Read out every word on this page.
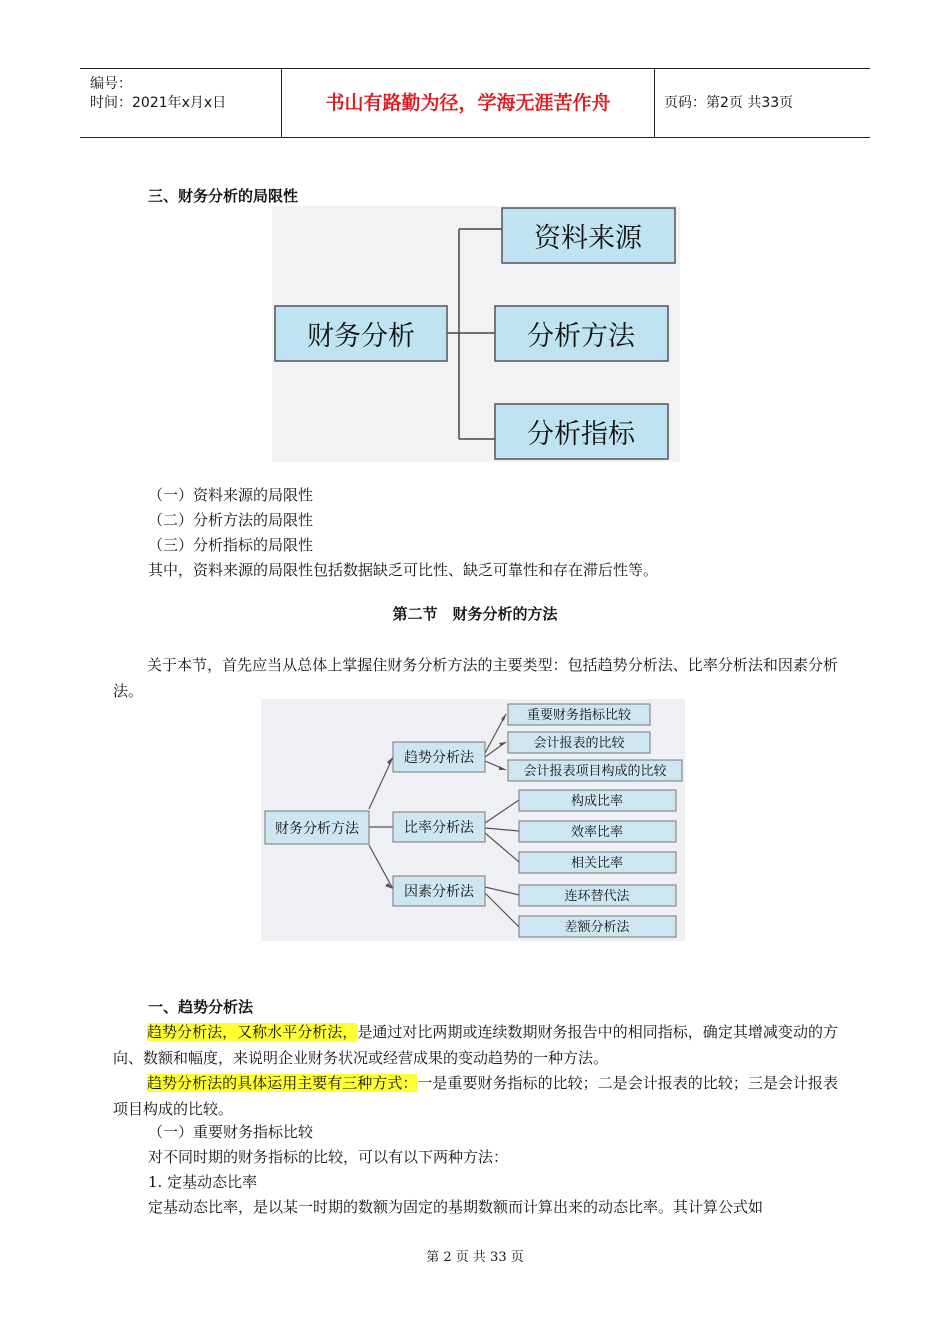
编号：
时间：2021年x月x日	书山有路勤为径，学海无涯苦作舟	页码：第2页 共33页
三、财务分析的局限性
财务分析
资料来源
分析方法
分析指标
（一）资料来源的局限性
（二）分析方法的局限性
（三）分析指标的局限性
其中，资料来源的局限性包括数据缺乏可比性、缺乏可靠性和存在滞后性等。
第二节　财务分析的方法
关于本节，首先应当从总体上掌握住财务分析方法的主要类型：包括趋势分析法、比率分析法和因素分析法。
财务分析方法
趋势分析法
比率分析法
因素分析法
重要财务指标比较
会计报表的比较
会计报表项目构成的比较
构成比率
效率比率
相关比率
连环替代法
差额分析法
一、趋势分析法
趋势分析法，又称水平分析法，是通过对比两期或连续数期财务报告中的相同指标，确定其增减变动的方向、数额和幅度，来说明企业财务状况或经营成果的变动趋势的一种方法。
趋势分析法的具体运用主要有三种方式：一是重要财务指标的比较；二是会计报表的比较；三是会计报表项目构成的比较。
（一）重要财务指标比较
对不同时期的财务指标的比较，可以有以下两种方法：
1. 定基动态比率
定基动态比率，是以某一时期的数额为固定的基期数额而计算出来的动态比率。其计算公式如
第 2 页 共 33 页
